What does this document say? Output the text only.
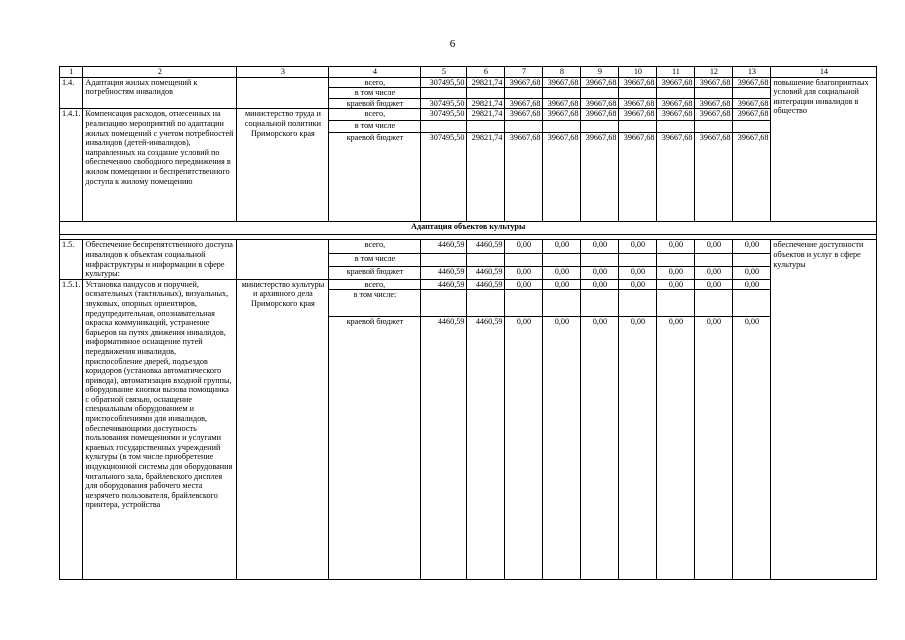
6
1	2	3	4	5	6	7	8	9	10	11	12	13	14
1.4.	Адаптация жилых помещений к потребностям инвалидов		всего,	307495,50	29821,74	39667,68	39667,68	39667,68	39667,68	39667,68	39667,68	39667,68	повышение благоприятных условий для социальной интеграции инвалидов в общество
			в том числе										
			краевой бюджет	307495,50	29821,74	39667,68	39667,68	39667,68	39667,68	39667,68	39667,68	39667,68	
1.4.1.	Компенсация расходов, отнесенных на реализацию мероприятий по адаптации жилых помещений с учетом потребностей инвалидов (детей-инвалидов), направленных на создание условий по обеспечению свободного передвижения в жилом помещении и беспрепятственного доступа к жилому помещению	министерство труда и социальной политики Приморского края	всего,	307495,50	29821,74	39667,68	39667,68	39667,68	39667,68	39667,68	39667,68	39667,68	
			в том числе										
			краевой бюджет	307495,50	29821,74	39667,68	39667,68	39667,68	39667,68	39667,68	39667,68	39667,68	
Адаптация объектов культуры													

1.5.	Обеспечение беспрепятственного доступа инвалидов к объектам социальной инфраструктуры и информации в сфере культуры:		всего,	4460,59	4460,59	0,00	0,00	0,00	0,00	0,00	0,00	0,00	обеспечение доступности объектов и услуг в сфере культуры
			в том числе										
			краевой бюджет	4460,59	4460,59	0,00	0,00	0,00	0,00	0,00	0,00	0,00	
1.5.1.	Установка пандусов и поручней, осязательных (тактильных), визуальных, звуковых, опорных ориентиров, предупредительная, опознавательная окраска коммуникаций, устранение барьеров на путях движения инвалидов, информативное оснащение путей передвижения инвалидов, приспособление дверей, подъездов коридоров (установка автоматического привода), автоматизация входной группы, оборудование кнопки вызова помощника с обратной связью, оснащение специальным оборудованием и приспособлениями для инвалидов, обеспечивающими доступность пользования помещениями и услугами краевых государственных учреждений культуры (в том числе приобретение индукционной системы для оборудования читального зала, брайлевского дисплея для оборудования рабочего места незрячего пользователя, брайлевского принтера, устройства	министерство культуры и архивного дела Приморского края	всего,	4460,59	4460,59	0,00	0,00	0,00	0,00	0,00	0,00	0,00	
			в том числе:										
			краевой бюджет	4460,59	4460,59	0,00	0,00	0,00	0,00	0,00	0,00	0,00	
